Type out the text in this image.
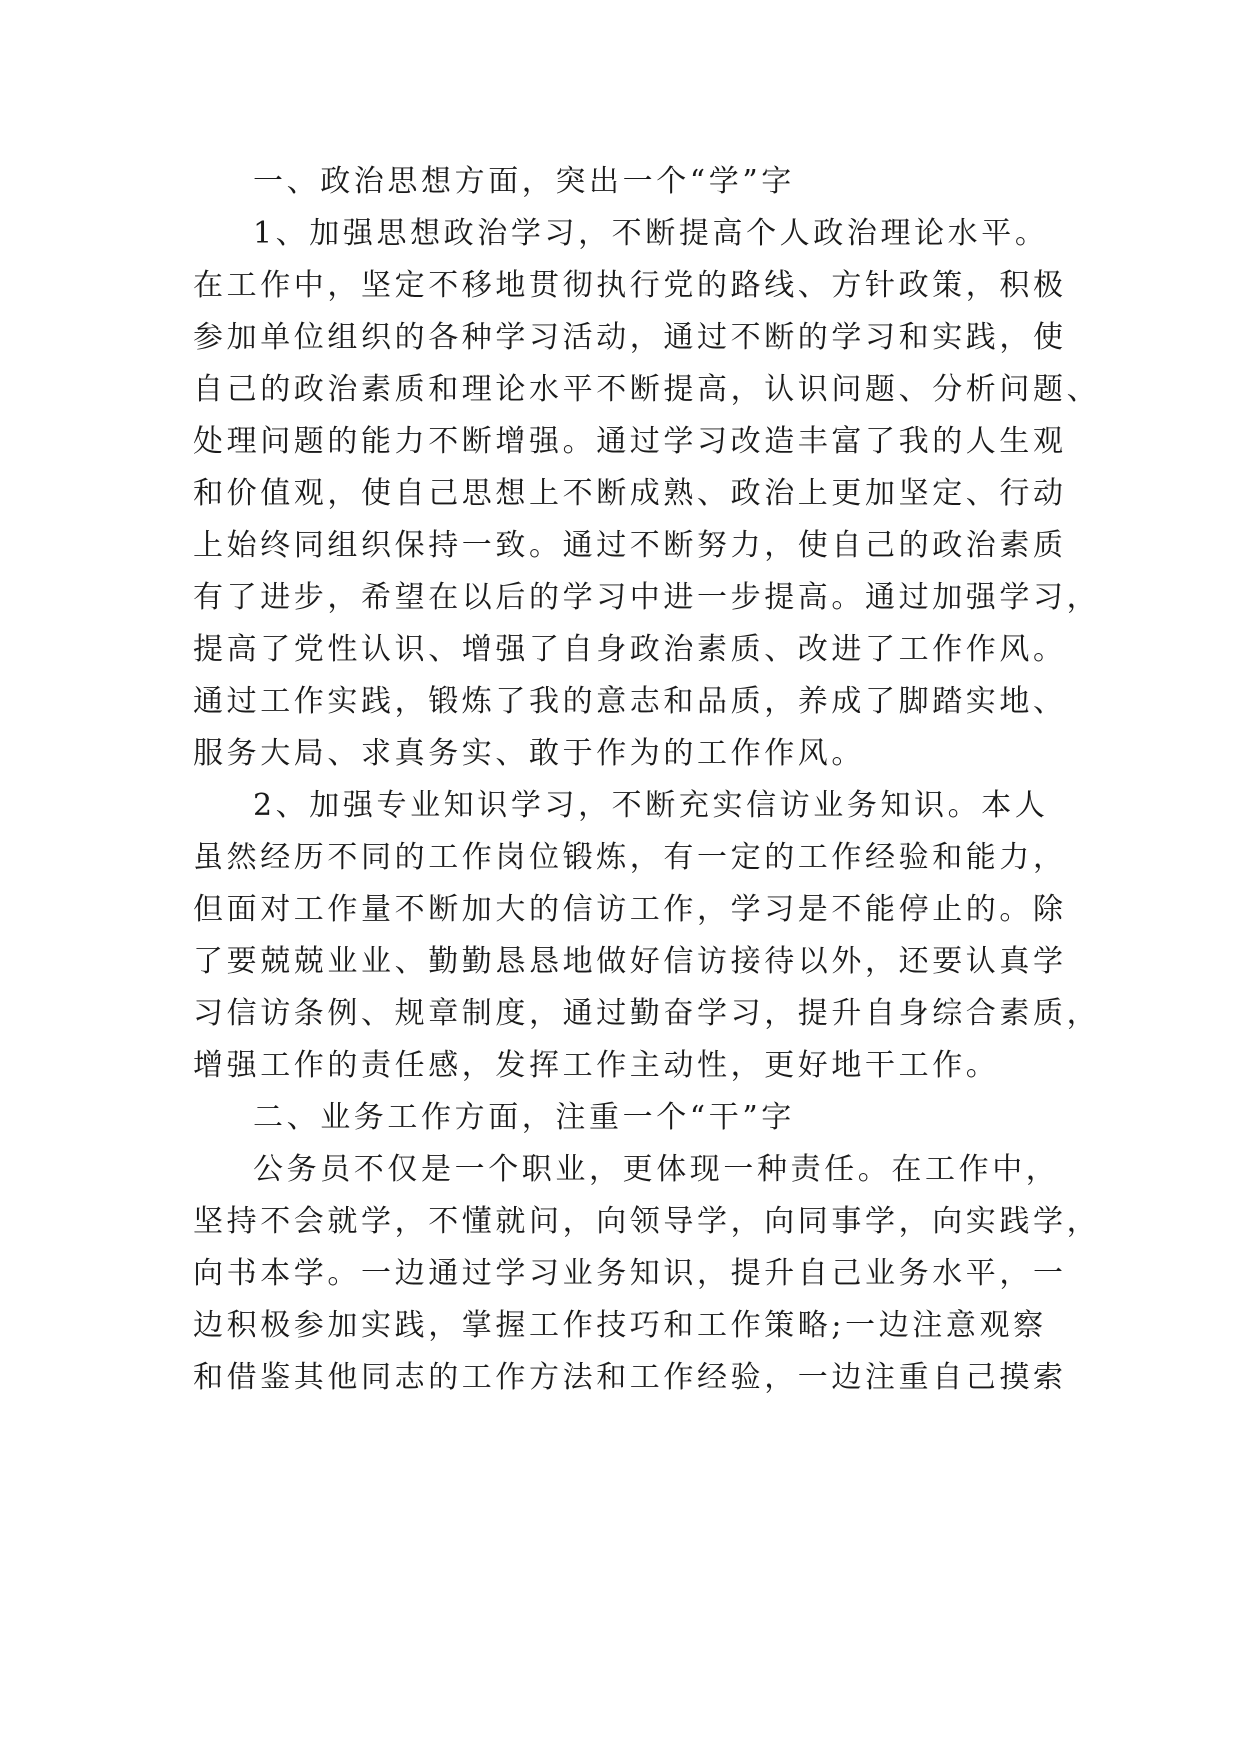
一、政治思想方面，突出一个“学”字
1、加强思想政治学习，不断提高个人政治理论水平。
在工作中，坚定不移地贯彻执行党的路线、方针政策，积极
参加单位组织的各种学习活动，通过不断的学习和实践，使
自己的政治素质和理论水平不断提高，认识问题、分析问题、
处理问题的能力不断增强。通过学习改造丰富了我的人生观
和价值观，使自己思想上不断成熟、政治上更加坚定、行动
上始终同组织保持一致。通过不断努力，使自己的政治素质
有了进步，希望在以后的学习中进一步提高。通过加强学习，
提高了党性认识、增强了自身政治素质、改进了工作作风。
通过工作实践，锻炼了我的意志和品质，养成了脚踏实地、
服务大局、求真务实、敢于作为的工作作风。
2、加强专业知识学习，不断充实信访业务知识。本人
虽然经历不同的工作岗位锻炼，有一定的工作经验和能力，
但面对工作量不断加大的信访工作，学习是不能停止的。除
了要兢兢业业、勤勤恳恳地做好信访接待以外，还要认真学
习信访条例、规章制度，通过勤奋学习，提升自身综合素质，
增强工作的责任感，发挥工作主动性，更好地干工作。
二、业务工作方面，注重一个“干”字
公务员不仅是一个职业，更体现一种责任。在工作中，
坚持不会就学，不懂就问，向领导学，向同事学，向实践学，
向书本学。一边通过学习业务知识，提升自己业务水平，一
边积极参加实践，掌握工作技巧和工作策略;一边注意观察
和借鉴其他同志的工作方法和工作经验，一边注重自己摸索
